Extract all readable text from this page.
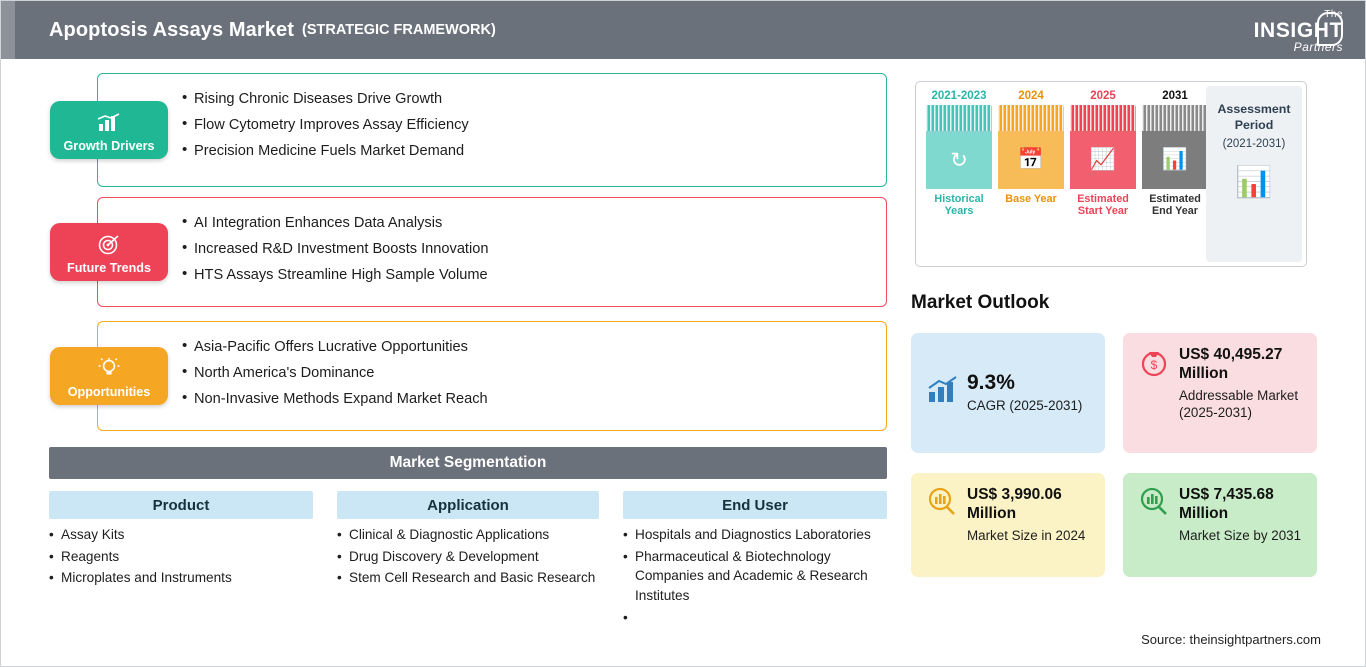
Apoptosis Assays Market (STRATEGIC FRAMEWORK)
The
INSIGHT
Partners
Growth Drivers
• Rising Chronic Diseases Drive Growth
• Flow Cytometry Improves Assay Efficiency
• Precision Medicine Fuels Market Demand
Future Trends
• AI Integration Enhances Data Analysis
• Increased R&D Investment Boosts Innovation
• HTS Assays Streamline High Sample Volume
Opportunities
• Asia-Pacific Offers Lucrative Opportunities
• North America's Dominance
• Non-Invasive Methods Expand Market Reach
Market Segmentation
Product	Application	End User
• Assay Kits
• Reagents
• Microplates and Instruments
• Clinical & Diagnostic Applications
• Drug Discovery & Development
• Stem Cell Research and Basic Research
• Hospitals and Diagnostics Laboratories
• Pharmaceutical & Biotechnology Companies and Academic & Research Institutes
2021-2023
↻
Historical Years
2024
📅
Base Year
2025
📈
Estimated Start Year
2031
📊
Estimated End Year
Assessment Period
(2021-2031)
📊
Market Outlook
9.3%
CAGR (2025-2031)
$
US$ 40,495.27 Million
Addressable Market (2025-2031)
US$ 3,990.06 Million
Market Size in 2024
US$ 7,435.68 Million
Market Size by 2031
Source: theinsightpartners.com
